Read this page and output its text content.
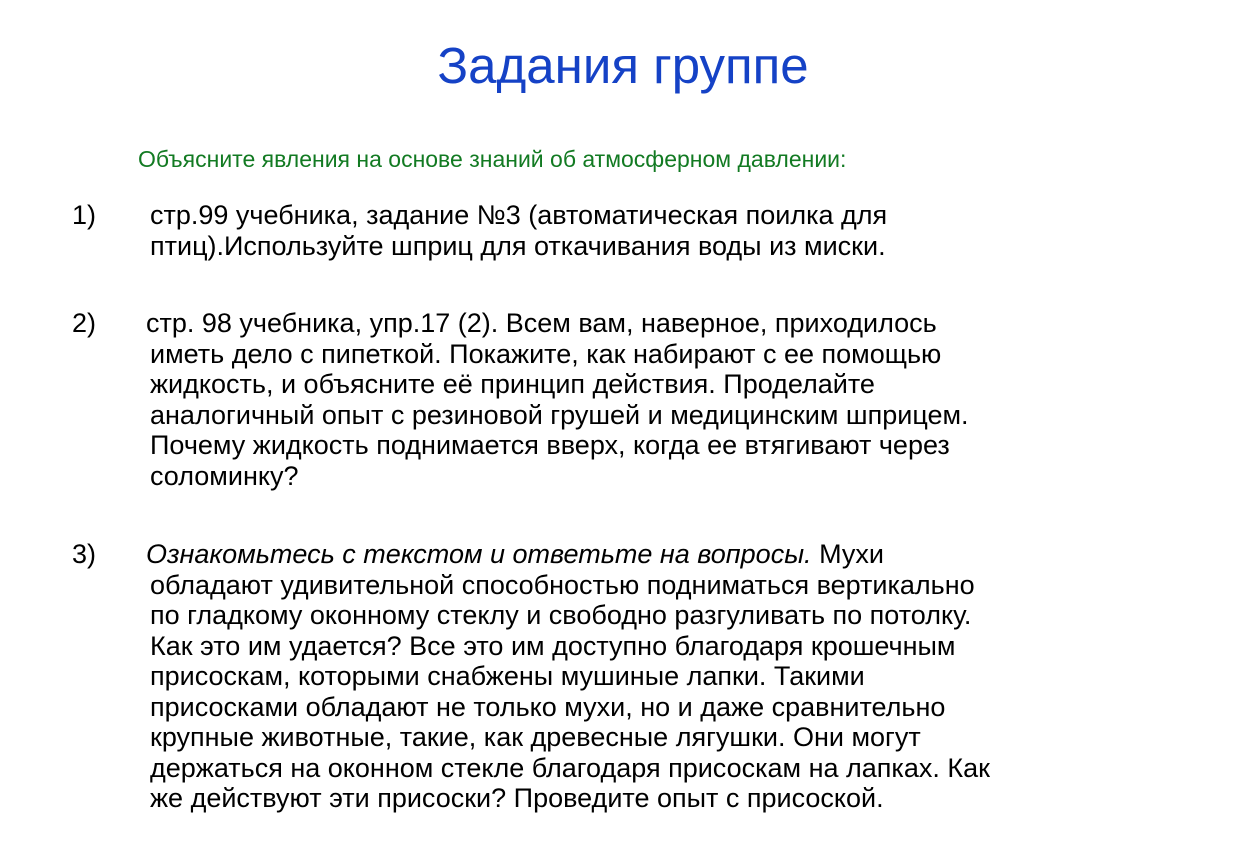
Задания группе
Объясните явления на основе знаний об атмосферном давлении:
1) стр.99 учебника, задание №3 (автоматическая поилка для
птиц).Используйте шприц для откачивания воды из миски.
2) стр. 98 учебника, упр.17 (2). Всем вам, наверное, приходилось
иметь дело с пипеткой. Покажите, как набирают с ее помощью
жидкость, и объясните её принцип действия. Проделайте
аналогичный опыт с резиновой грушей и медицинским шприцем.
Почему жидкость поднимается вверх, когда ее втягивают через
соломинку?
3) Ознакомьтесь с текстом и ответьте на вопросы. Мухи
обладают удивительной способностью подниматься вертикально
по гладкому оконному стеклу и свободно разгуливать по потолку.
Как это им удается? Все это им доступно благодаря крошечным
присоскам, которыми снабжены мушиные лапки. Такими
присосками обладают не только мухи, но и даже сравнительно
крупные животные, такие, как древесные лягушки. Они могут
держаться на оконном стекле благодаря присоскам на лапках. Как
же действуют эти присоски? Проведите опыт с присоской.
